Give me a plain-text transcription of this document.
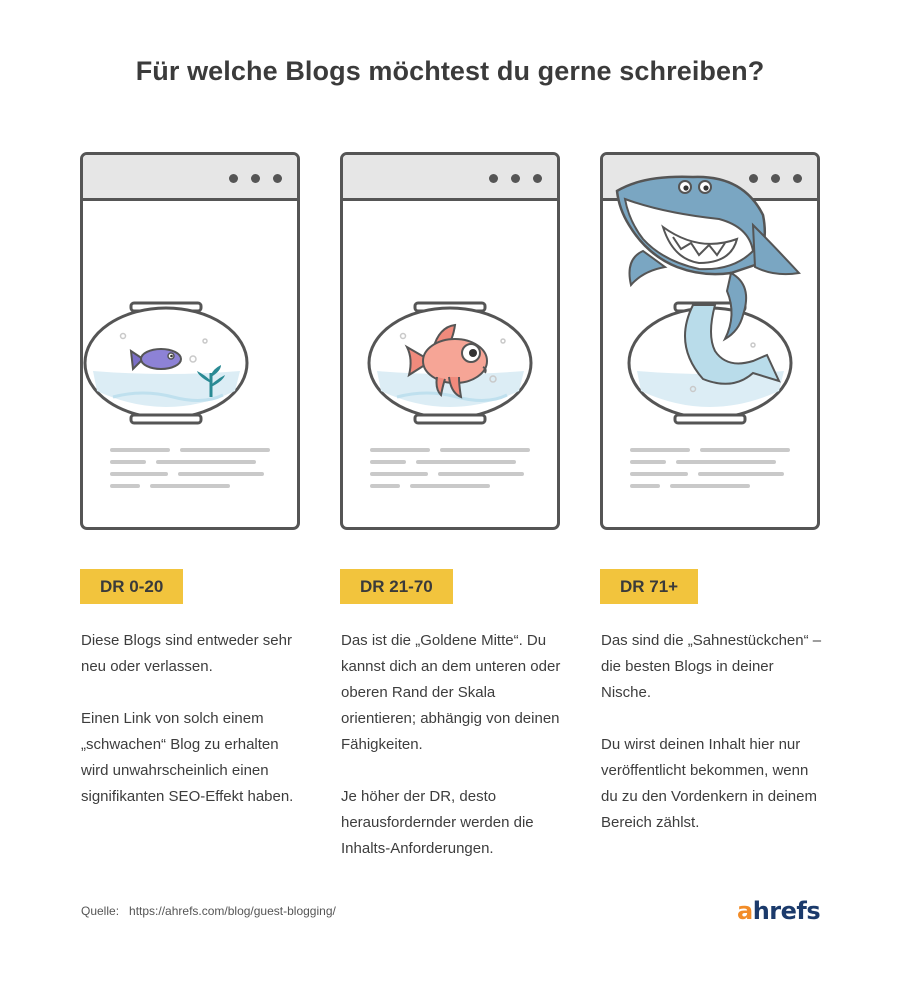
Für welche Blogs möchtest du gerne schreiben?
DR 0-20	DR 21-70	DR 71+

Diese Blogs sind entweder sehr neu oder verlassen.

Einen Link von solch einem „schwachen“ Blog zu erhalten wird unwahrscheinlich einen signifikanten SEO-Effekt haben.

Das ist die „Goldene Mitte“. Du kannst dich an dem unteren oder oberen Rand der Skala orientieren; abhängig von deinen Fähigkeiten.

Je höher der DR, desto herausfordernder werden die Inhalts-Anforderungen.

Das sind die „Sahnestückchen“ – die besten Blogs in deiner Nische.

Du wirst deinen Inhalt hier nur veröffentlicht bekommen, wenn du zu den Vordenkern in deinem Bereich zählst.

Quelle: https://ahrefs.com/blog/guest-blogging/	ahrefs
